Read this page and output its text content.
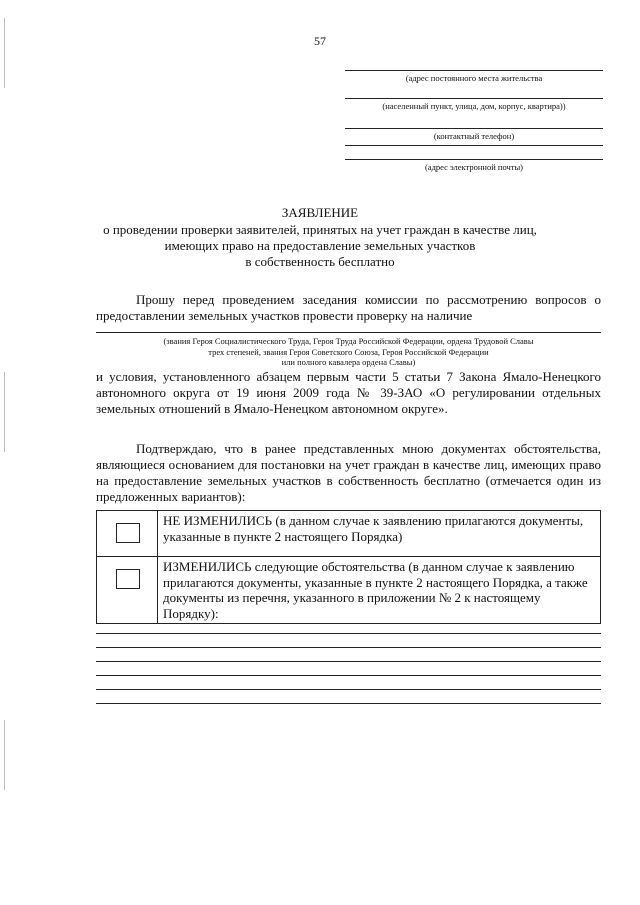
57
(адрес постоянного места жительства
(населенный пункт, улица, дом, корпус, квартира))
(контактный телефон)
(адрес электронной почты)
ЗАЯВЛЕНИЕ
о проведении проверки заявителей, принятых на учет граждан в качестве лиц,
имеющих право на предоставление земельных участков
в собственность бесплатно
Прошу перед проведением заседания комиссии по рассмотрению вопросов о предоставлении земельных участков провести проверку на наличие
(звания Героя Социалистического Труда, Героя Труда Российской Федерации, ордена Трудовой Славы
трех степеней, звания Героя Советского Союза, Героя Российской Федерации
или полного кавалера ордена Славы)
и условия, установленного абзацем первым части 5 статьи 7 Закона Ямало-Ненецкого автономного округа от 19 июня 2009 года № 39-ЗАО «О регулировании отдельных земельных отношений в Ямало-Ненецком автономном округе».
Подтверждаю, что в ранее представленных мною документах обстоятельства, являющиеся основанием для постановки на учет граждан в качестве лиц, имеющих право на предоставление земельных участков в собственность бесплатно (отмечается один из предложенных вариантов):
НЕ ИЗМЕНИЛИСЬ (в данном случае к заявлению прилагаются документы, указанные в пункте 2 настоящего Порядка)
ИЗМЕНИЛИСЬ следующие обстоятельства (в данном случае к заявлению прилагаются документы, указанные в пункте 2 настоящего Порядка, а также документы из перечня, указанного в приложении № 2 к настоящему Порядку):
